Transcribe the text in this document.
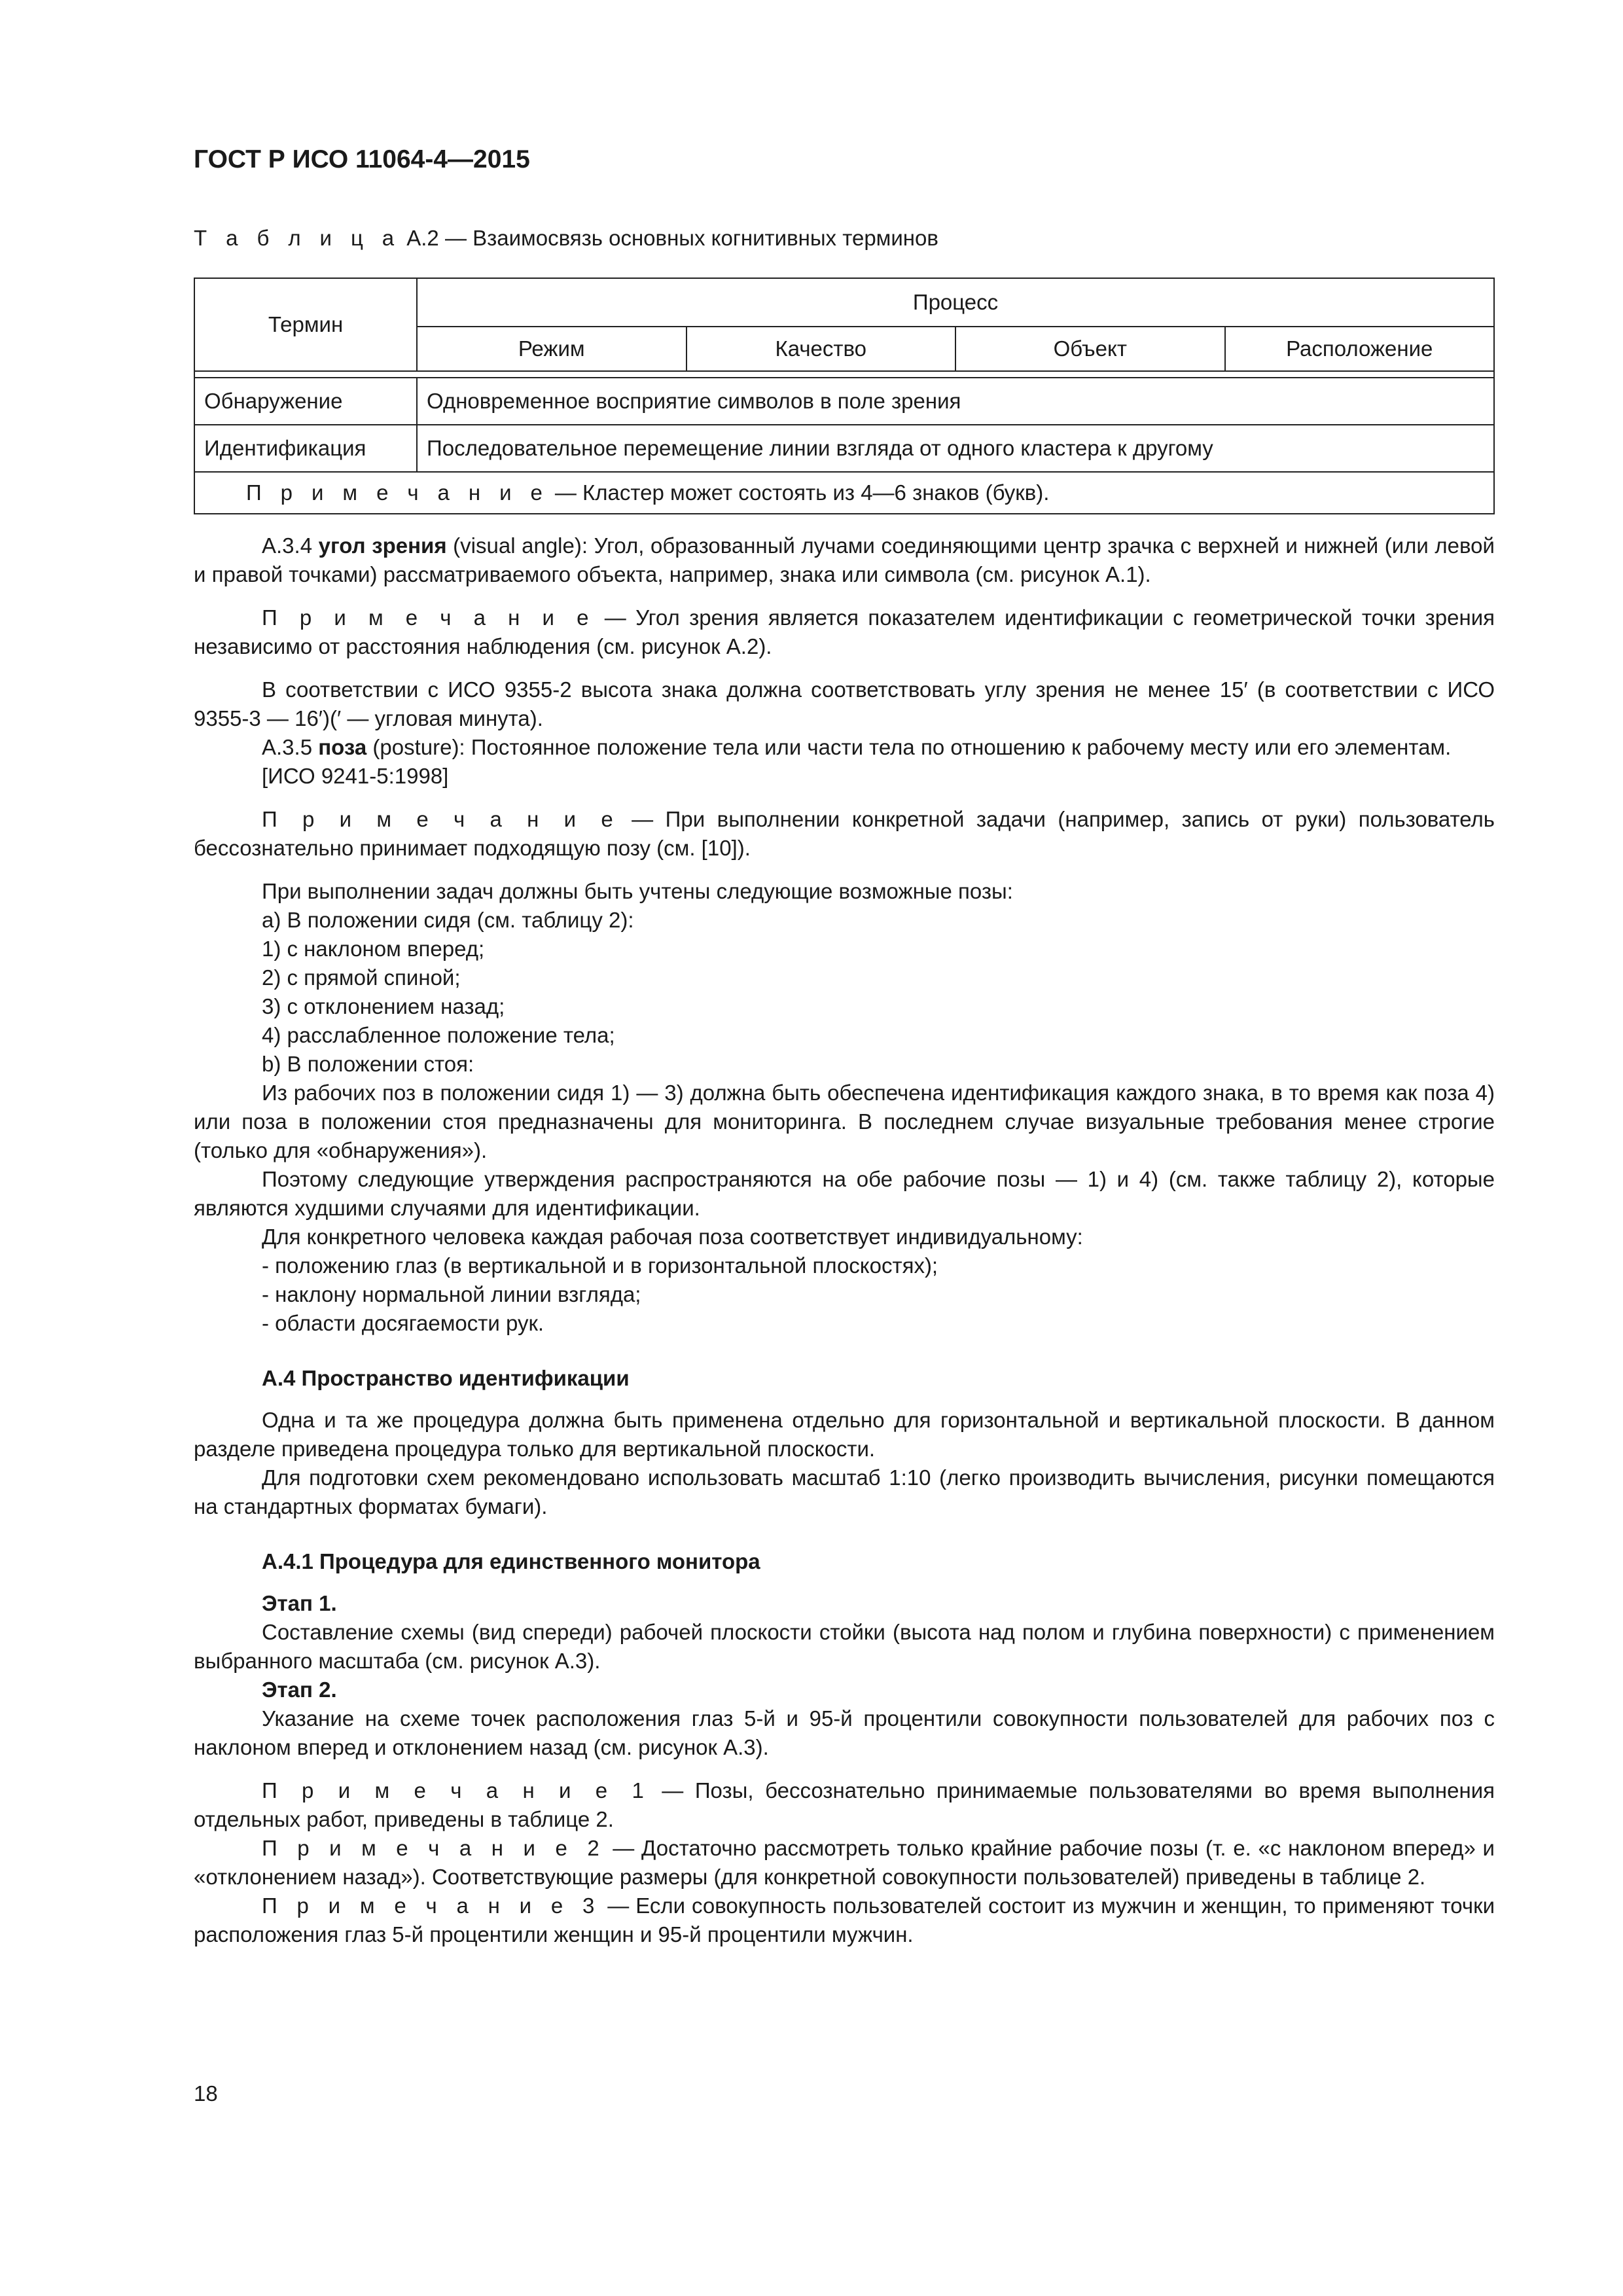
ГОСТ Р ИСО 11064-4—2015

Т а б л и ц а А.2 — Взаимосвязь основных когнитивных терминов

Термин	Процесс			
	Режим	Качество	Объект	Расположение

Обнаружение	Одновременное восприятие символов в поле зрения			
Идентификация	Последовательное перемещение линии взгляда от одного кластера к другому			
П р и м е ч а н и е — Кластер может состоять из 4—6 знаков (букв).				

А.3.4 угол зрения (visual angle): Угол, образованный лучами соединяющими центр зрачка с верхней и нижней (или левой и правой точками) рассматриваемого объекта, например, знака или символа (см. рисунок А.1).

П р и м е ч а н и е — Угол зрения является показателем идентификации с геометрической точки зрения независимо от расстояния наблюдения (см. рисунок А.2).

В соответствии с ИСО 9355-2 высота знака должна соответствовать углу зрения не менее 15′ (в соответствии с ИСО 9355-3 — 16′)(′ — угловая минута).

А.3.5 поза (posture): Постоянное положение тела или части тела по отношению к рабочему месту или его элементам.

[ИСО 9241-5:1998]

П р и м е ч а н и е — При выполнении конкретной задачи (например, запись от руки) пользователь бессознательно принимает подходящую позу (см. [10]).

При выполнении задач должны быть учтены следующие возможные позы:

а) В положении сидя (см. таблицу 2):

1) с наклоном вперед;

2) с прямой спиной;

3) с отклонением назад;

4) расслабленное положение тела;

b) В положении стоя:

Из рабочих поз в положении сидя 1) — 3) должна быть обеспечена идентификация каждого знака, в то время как поза 4) или поза в положении стоя предназначены для мониторинга. В последнем случае визуальные требования менее строгие (только для «обнаружения»).

Поэтому следующие утверждения распространяются на обе рабочие позы — 1) и 4) (см. также таблицу 2), которые являются худшими случаями для идентификации.

Для конкретного человека каждая рабочая поза соответствует индивидуальному:

- положению глаз (в вертикальной и в горизонтальной плоскостях);

- наклону нормальной линии взгляда;

- области досягаемости рук.

А.4 Пространство идентификации

Одна и та же процедура должна быть применена отдельно для горизонтальной и вертикальной плоскости. В данном разделе приведена процедура только для вертикальной плоскости.

Для подготовки схем рекомендовано использовать масштаб 1:10 (легко производить вычисления, рисунки помещаются на стандартных форматах бумаги).

А.4.1 Процедура для единственного монитора

Этап 1.

Составление схемы (вид спереди) рабочей плоскости стойки (высота над полом и глубина поверхности) с применением выбранного масштаба (см. рисунок А.3).

Этап 2.

Указание на схеме точек расположения глаз 5-й и 95-й процентили совокупности пользователей для рабочих поз с наклоном вперед и отклонением назад (см. рисунок А.3).

П р и м е ч а н и е 1 — Позы, бессознательно принимаемые пользователями во время выполнения отдельных работ, приведены в таблице 2.

П р и м е ч а н и е 2 — Достаточно рассмотреть только крайние рабочие позы (т. е. «с наклоном вперед» и «отклонением назад»). Соответствующие размеры (для конкретной совокупности пользователей) приведены в таблице 2.

П р и м е ч а н и е 3 — Если совокупность пользователей состоит из мужчин и женщин, то применяют точки расположения глаз 5-й процентили женщин и 95-й процентили мужчин.

18
